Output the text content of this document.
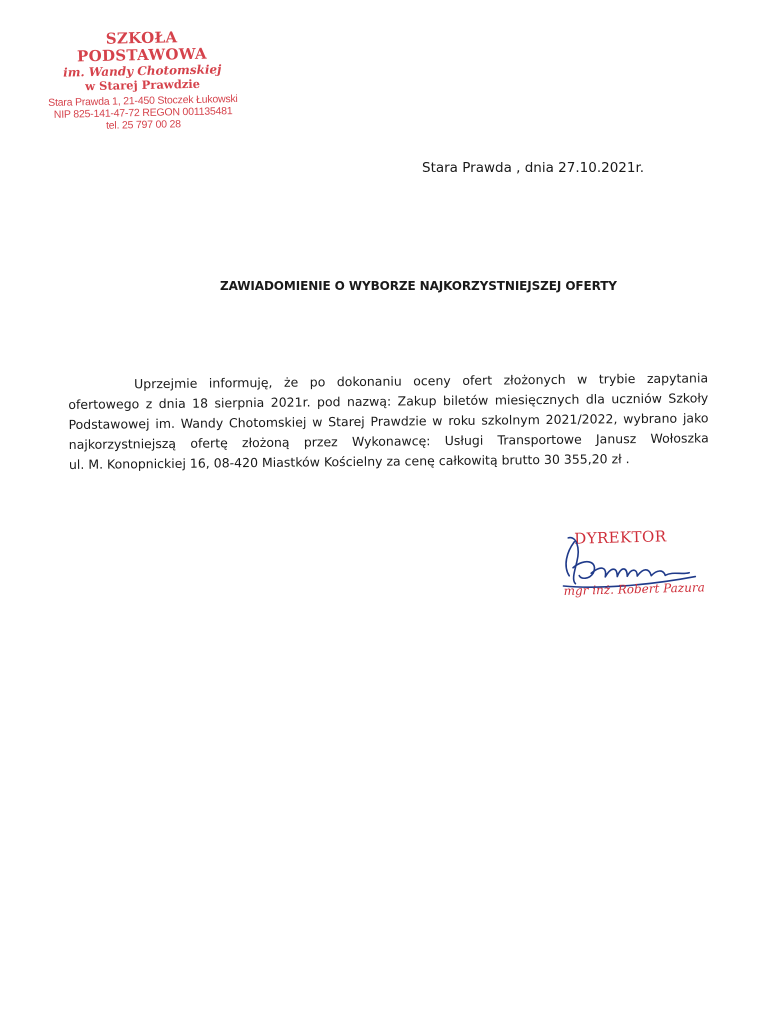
SZKOŁA PODSTAWOWA
im. Wandy Chotomskiej
w Starej Prawdzie
Stara Prawda 1, 21-450 Stoczek Łukowski
NIP 825-141-47-72 REGON 001135481
tel. 25 797 00 28
Stara Prawda , dnia 27.10.2021r.
ZAWIADOMIENIE O WYBORZE NAJKORZYSTNIEJSZEJ OFERTY
Uprzejmie informuję, że po dokonaniu oceny ofert złożonych w trybie zapytania
ofertowego z dnia 18 sierpnia 2021r. pod nazwą: Zakup biletów miesięcznych dla uczniów Szkoły
Podstawowej im. Wandy Chotomskiej w Starej Prawdzie w roku szkolnym 2021/2022, wybrano jako
najkorzystniejszą ofertę złożoną przez Wykonawcę: Usługi Transportowe Janusz Wołoszka
ul. M. Konopnickiej 16, 08-420 Miastków Kościelny za cenę całkowitą brutto 30 355,20 zł .
DYREKTOR
mgr inż. Robert Pazura
